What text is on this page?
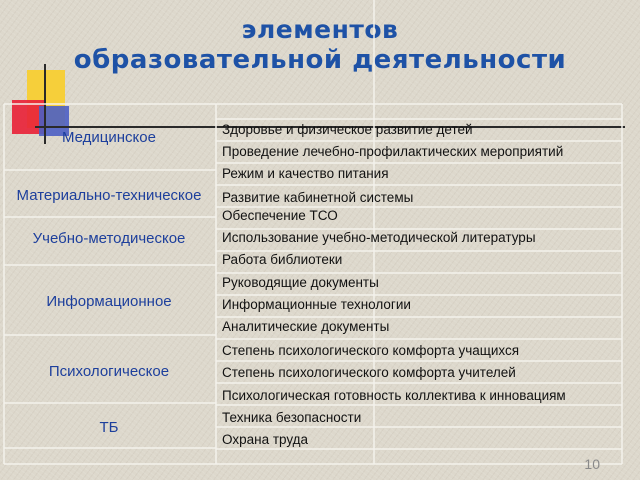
элементов
образовательной деятельности
Медицинское
Материально-техническое
Учебно-методическое
Информационное
Психологическое
ТБ
Здоровье и физическое развитие детей
Проведение лечебно-профилактических мероприятий
Режим и качество питания
Развитие кабинетной системы
Обеспечение ТСО
Использование учебно-методической литературы
Работа библиотеки
Руководящие документы
Информационные технологии
Аналитические документы
Степень психологического комфорта учащихся
Степень психологического комфорта учителей
Психологическая готовность коллектива к инновациям
Техника безопасности
Охрана труда
10
